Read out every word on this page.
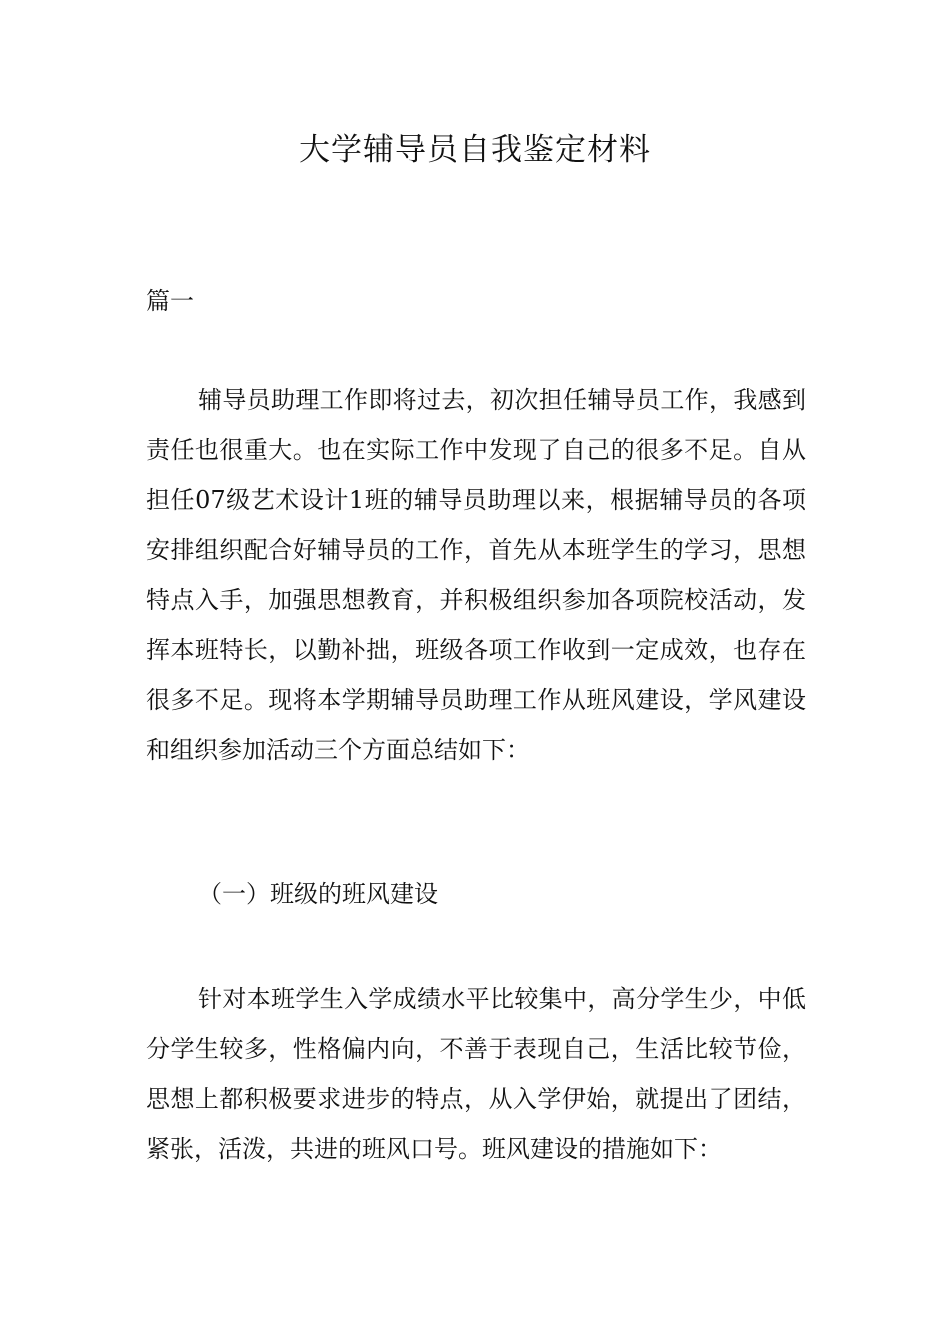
大学辅导员自我鉴定材料
篇一

辅导员助理工作即将过去，初次担任辅导员工作，我感到责任也很重大。也在实际工作中发现了自己的很多不足。自从担任07级艺术设计1班的辅导员助理以来，根据辅导员的各项安排组织配合好辅导员的工作，首先从本班学生的学习，思想特点入手，加强思想教育，并积极组织参加各项院校活动，发挥本班特长，以勤补拙，班级各项工作收到一定成效，也存在很多不足。现将本学期辅导员助理工作从班风建设，学风建设和组织参加活动三个方面总结如下：

（一）班级的班风建设

针对本班学生入学成绩水平比较集中，高分学生少，中低分学生较多，性格偏内向，不善于表现自己，生活比较节俭，思想上都积极要求进步的特点，从入学伊始，就提出了团结，紧张，活泼，共进的班风口号。班风建设的措施如下：
